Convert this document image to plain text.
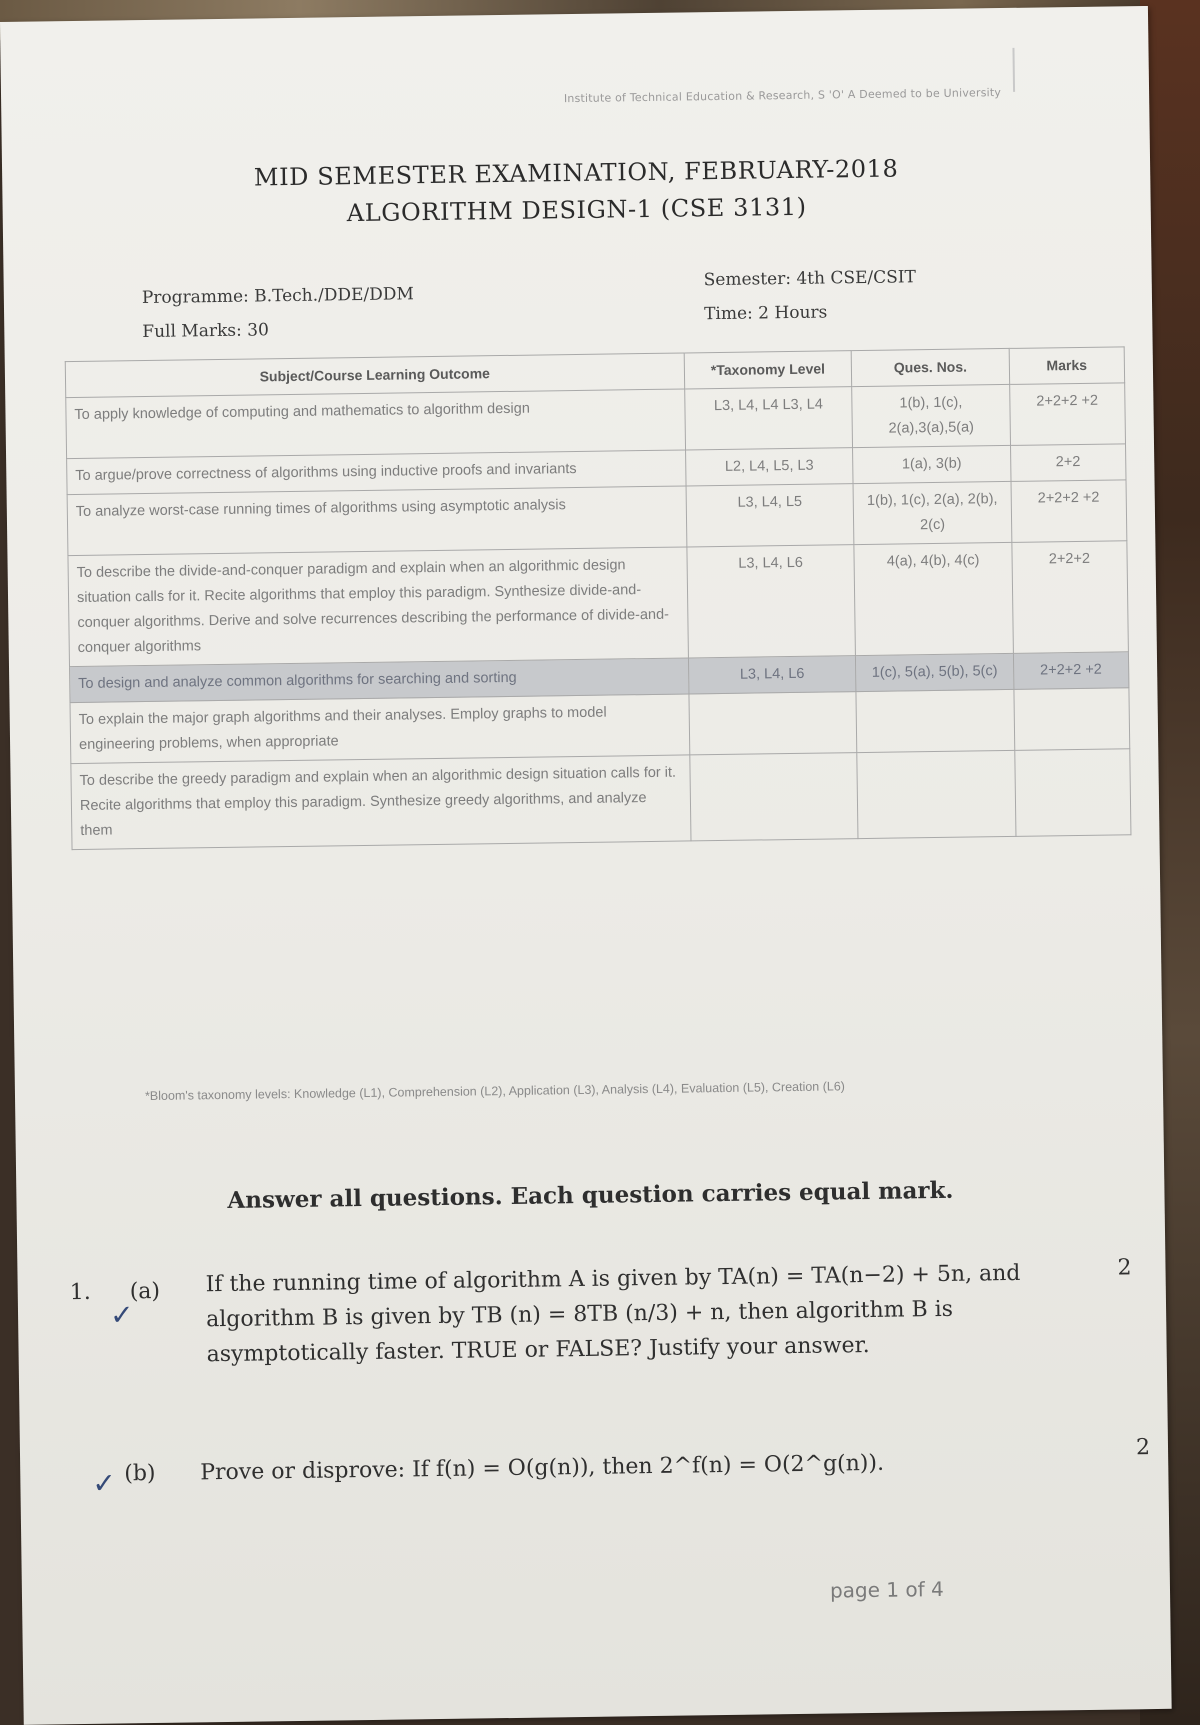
Institute of Technical Education & Research, S 'O' A Deemed to be University
MID SEMESTER EXAMINATION, FEBRUARY-2018
ALGORITHM DESIGN-1 (CSE 3131)
Programme: B.Tech./DDE/DDM
Full Marks: 30
Semester: 4th CSE/CSIT
Time: 2 Hours
Subject/Course Learning Outcome	*Taxonomy Level	Ques. Nos.	Marks
To apply knowledge of computing and mathematics to algorithm design	L3, L4, L4 L3, L4	1(b), 1(c), 2(a),3(a),5(a)	2+2+2 +2
To argue/prove correctness of algorithms using inductive proofs and invariants	L2, L4, L5, L3	1(a), 3(b)	2+2
To analyze worst-case running times of algorithms using asymptotic analysis	L3, L4, L5	1(b), 1(c), 2(a), 2(b), 2(c)	2+2+2 +2
To describe the divide-and-conquer paradigm and explain when an algorithmic design situation calls for it. Recite algorithms that employ this paradigm. Synthesize divide-and-conquer algorithms. Derive and solve recurrences describing the performance of divide-and-conquer algorithms	L3, L4, L6	4(a), 4(b), 4(c)	2+2+2
To design and analyze common algorithms for searching and sorting	L3, L4, L6	1(c), 5(a), 5(b), 5(c)	2+2+2 +2
To explain the major graph algorithms and their analyses. Employ graphs to model engineering problems, when appropriate			
To describe the greedy paradigm and explain when an algorithmic design situation calls for it. Recite algorithms that employ this paradigm. Synthesize greedy algorithms, and analyze them			
*Bloom's taxonomy levels: Knowledge (L1), Comprehension (L2), Application (L3), Analysis (L4), Evaluation (L5), Creation (L6)
Answer all questions. Each question carries equal mark.
1. (a)
✓
If the running time of algorithm A is given by TA(n) = TA(n−2) + 5n, and algorithm B is given by TB (n) = 8TB (n/3) + n, then algorithm B is asymptotically faster. TRUE or FALSE? Justify your answer.
2
(b)
✓	Prove or disprove: If f(n) = O(g(n)), then 2^f(n) = O(2^g(n)).
2
page 1 of 4
